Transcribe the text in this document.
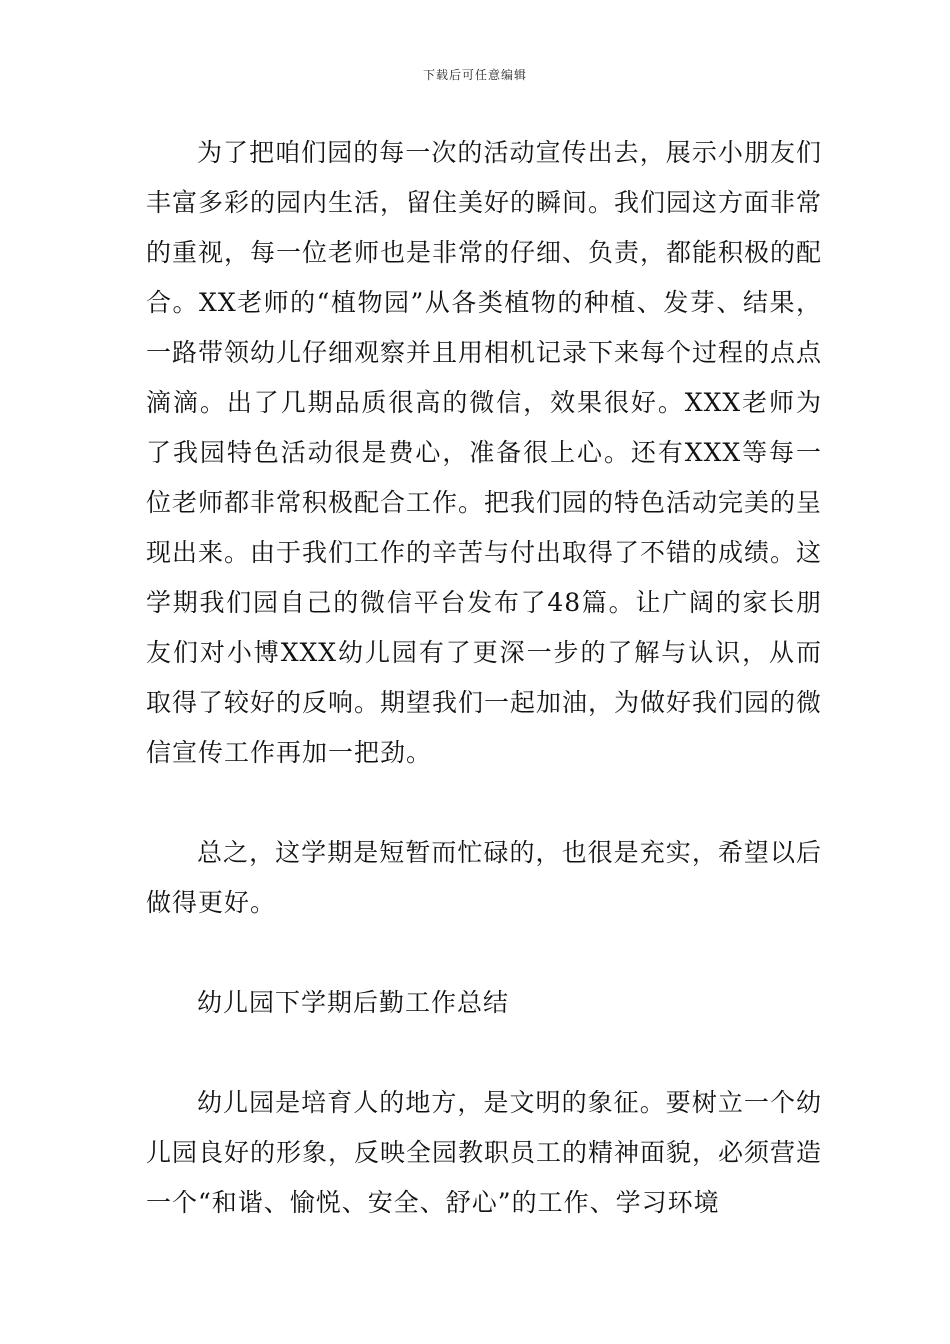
下载后可任意编辑

为了把咱们园的每一次的活动宣传出去，展示小朋友们丰富多彩的园内生活，留住美好的瞬间。我们园这方面非常的重视，每一位老师也是非常的仔细、负责，都能积极的配合。XX老师的“植物园”从各类植物的种植、发芽、结果，一路带领幼儿仔细观察并且用相机记录下来每个过程的点点滴滴。出了几期品质很高的微信，效果很好。XXX老师为了我园特色活动很是费心，准备很上心。还有XXX等每一位老师都非常积极配合工作。把我们园的特色活动完美的呈现出来。由于我们工作的辛苦与付出取得了不错的成绩。这学期我们园自己的微信平台发布了48篇。让广阔的家长朋友们对小博XXX幼儿园有了更深一步的了解与认识，从而取得了较好的反响。期望我们一起加油，为做好我们园的微信宣传工作再加一把劲。

总之，这学期是短暂而忙碌的，也很是充实，希望以后做得更好。

幼儿园下学期后勤工作总结

幼儿园是培育人的地方，是文明的象征。要树立一个幼儿园良好的形象，反映全园教职员工的精神面貌，必须营造一个“和谐、愉悦、安全、舒心”的工作、学习环境
